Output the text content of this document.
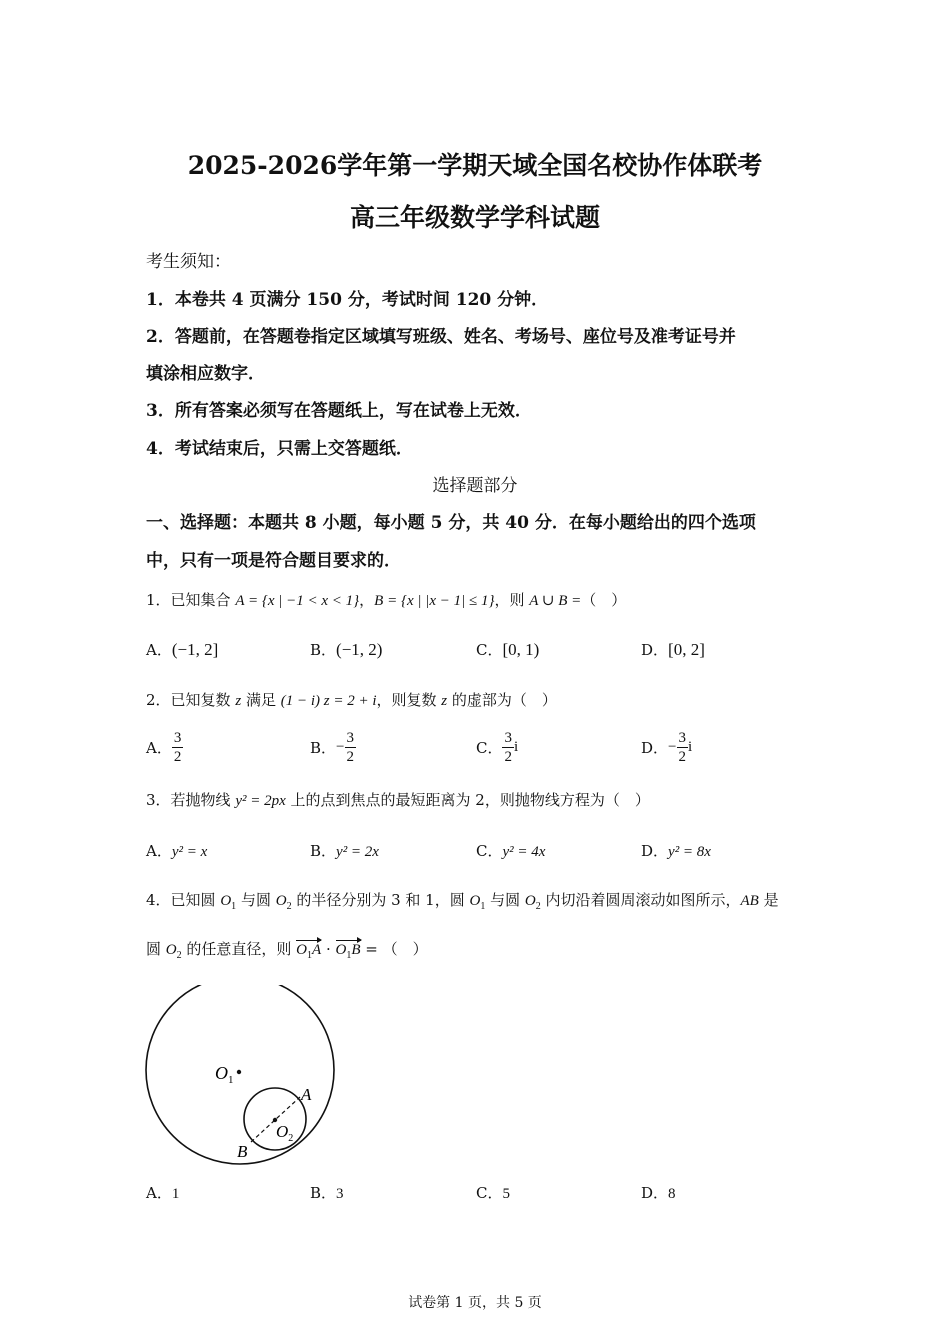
2025-2026学年第一学期天域全国名校协作体联考
高三年级数学学科试题
考生须知：
1．本卷共 4 页满分 150 分，考试时间 120 分钟．
2．答题前，在答题卷指定区域填写班级、姓名、考场号、座位号及准考证号并
填涂相应数字．
3．所有答案必须写在答题纸上，写在试卷上无效．
4．考试结束后，只需上交答题纸．
选择题部分
一、选择题：本题共 8 小题，每小题 5 分，共 40 分．在每小题给出的四个选项
中，只有一项是符合题目要求的．
1．已知集合 A = {x | −1 < x < 1}，B = {x | |x − 1| ≤ 1}，则 A ∪ B =（　）
A．(−1, 2]	B．(−1, 2)	C．[0, 1)	D．[0, 2]
2．已知复数 z 满足 (1 − i) z = 2 + i，则复数 z 的虚部为（　）
A． $\frac{3}{2}$	B．− $\frac{3}{2}$	C． $\frac{3}{2}$ i	D．− $\frac{3}{2}$ i
3．若抛物线 y² = 2px 上的点到焦点的最短距离为 2，则抛物线方程为（　）
A．y² = x	B．y² = 2x	C．y² = 4x	D．y² = 8x
4．已知圆 $O_1$ 与圆 $O_2$ 的半径分别为 3 和 1，圆 $O_1$ 与圆 $O_2$ 内切沿着圆周滚动如图所示，AB 是
圆 $O_2$ 的任意直径，则 $O_1A \cdot O_1B$ = （　）
$O_1$
$O_2$
A
B
A．1	B．3	C．5	D．8
试卷第 1 页，共 5 页
